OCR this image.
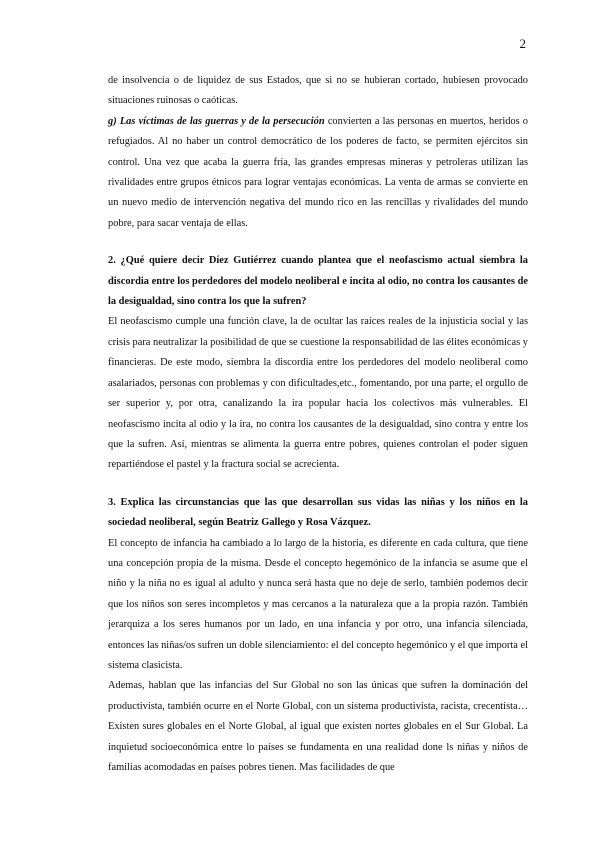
2

de insolvencia o de liquidez de sus Estados, que si no se hubieran cortado, hubiesen provocado situaciones ruinosas o caóticas.
g) Las víctimas de las guerras y de la persecución convierten a las personas en muertos, heridos o refugiados. Al no haber un control democrático de los poderes de facto, se permiten ejércitos sin control. Una vez que acaba la guerra fría, las grandes empresas mineras y petroleras utilizan las rivalidades entre grupos étnicos para lograr ventajas económicas. La venta de armas se convierte en un nuevo medio de intervención negativa del mundo rico en las rencillas y rivalidades del mundo pobre, para sacar ventaja de ellas.

2. ¿Qué quiere decir Díez Gutiérrez cuando plantea que el neofascismo actual siembra la discordia entre los perdedores del modelo neoliberal e incita al odio, no contra los causantes de la desigualdad, sino contra los que la sufren?

El neofascismo cumple una función clave, la de ocultar las raíces reales de la injusticia social y las crisis para neutralizar la posibilidad de que se cuestione la responsabilidad de las élites económicas y financieras. De este modo, siembra la discordia entre los perdedores del modelo neoliberal como asalariados, personas con problemas y con dificultades,etc., fomentando, por una parte, el orgullo de ser superior y, por otra, canalizando la ira popular hacia los colectivos más vulnerables. El neofascismo incita al odio y la ira, no contra los causantes de la desigualdad, sino contra y entre los que la sufren. Así, mientras se alimenta la guerra entre pobres, quienes controlan el poder siguen repartiéndose el pastel y la fractura social se acrecienta.

3. Explica las circunstancias que las que desarrollan sus vidas las niñas y los niños en la sociedad neoliberal, según Beatriz Gallego y Rosa Vázquez.

El concepto de infancia ha cambiado a lo largo de la historia, es diferente en cada cultura, que tiene una concepción propia de la misma. Desde el concepto hegemónico de la infancia se asume que el niño y la niña no es igual al adulto y nunca será hasta que no deje de serlo, también podemos decir que los niños son seres incompletos y mas cercanos a la naturaleza que a la propia razón. También jerarquiza a los seres humanos por un lado, en una infancia y por otro, una infancia silenciada, entonces las niñas/os sufren un doble silenciamiento: el del concepto hegemónico y el que importa el sistema clasicista.

Ademas, hablan que las infancias del Sur Global no son las únicas que sufren la dominación del productivista, también ocurre en el Norte Global, con un sistema productivista, racista, crecentista… Existen sures globales en el Norte Global, al igual que existen nortes globales en el Sur Global. La inquietud socioeconómica entre lo países se fundamenta en una realidad done ls niñas y niños de familias acomodadas en países pobres tienen. Mas facilidades de que
